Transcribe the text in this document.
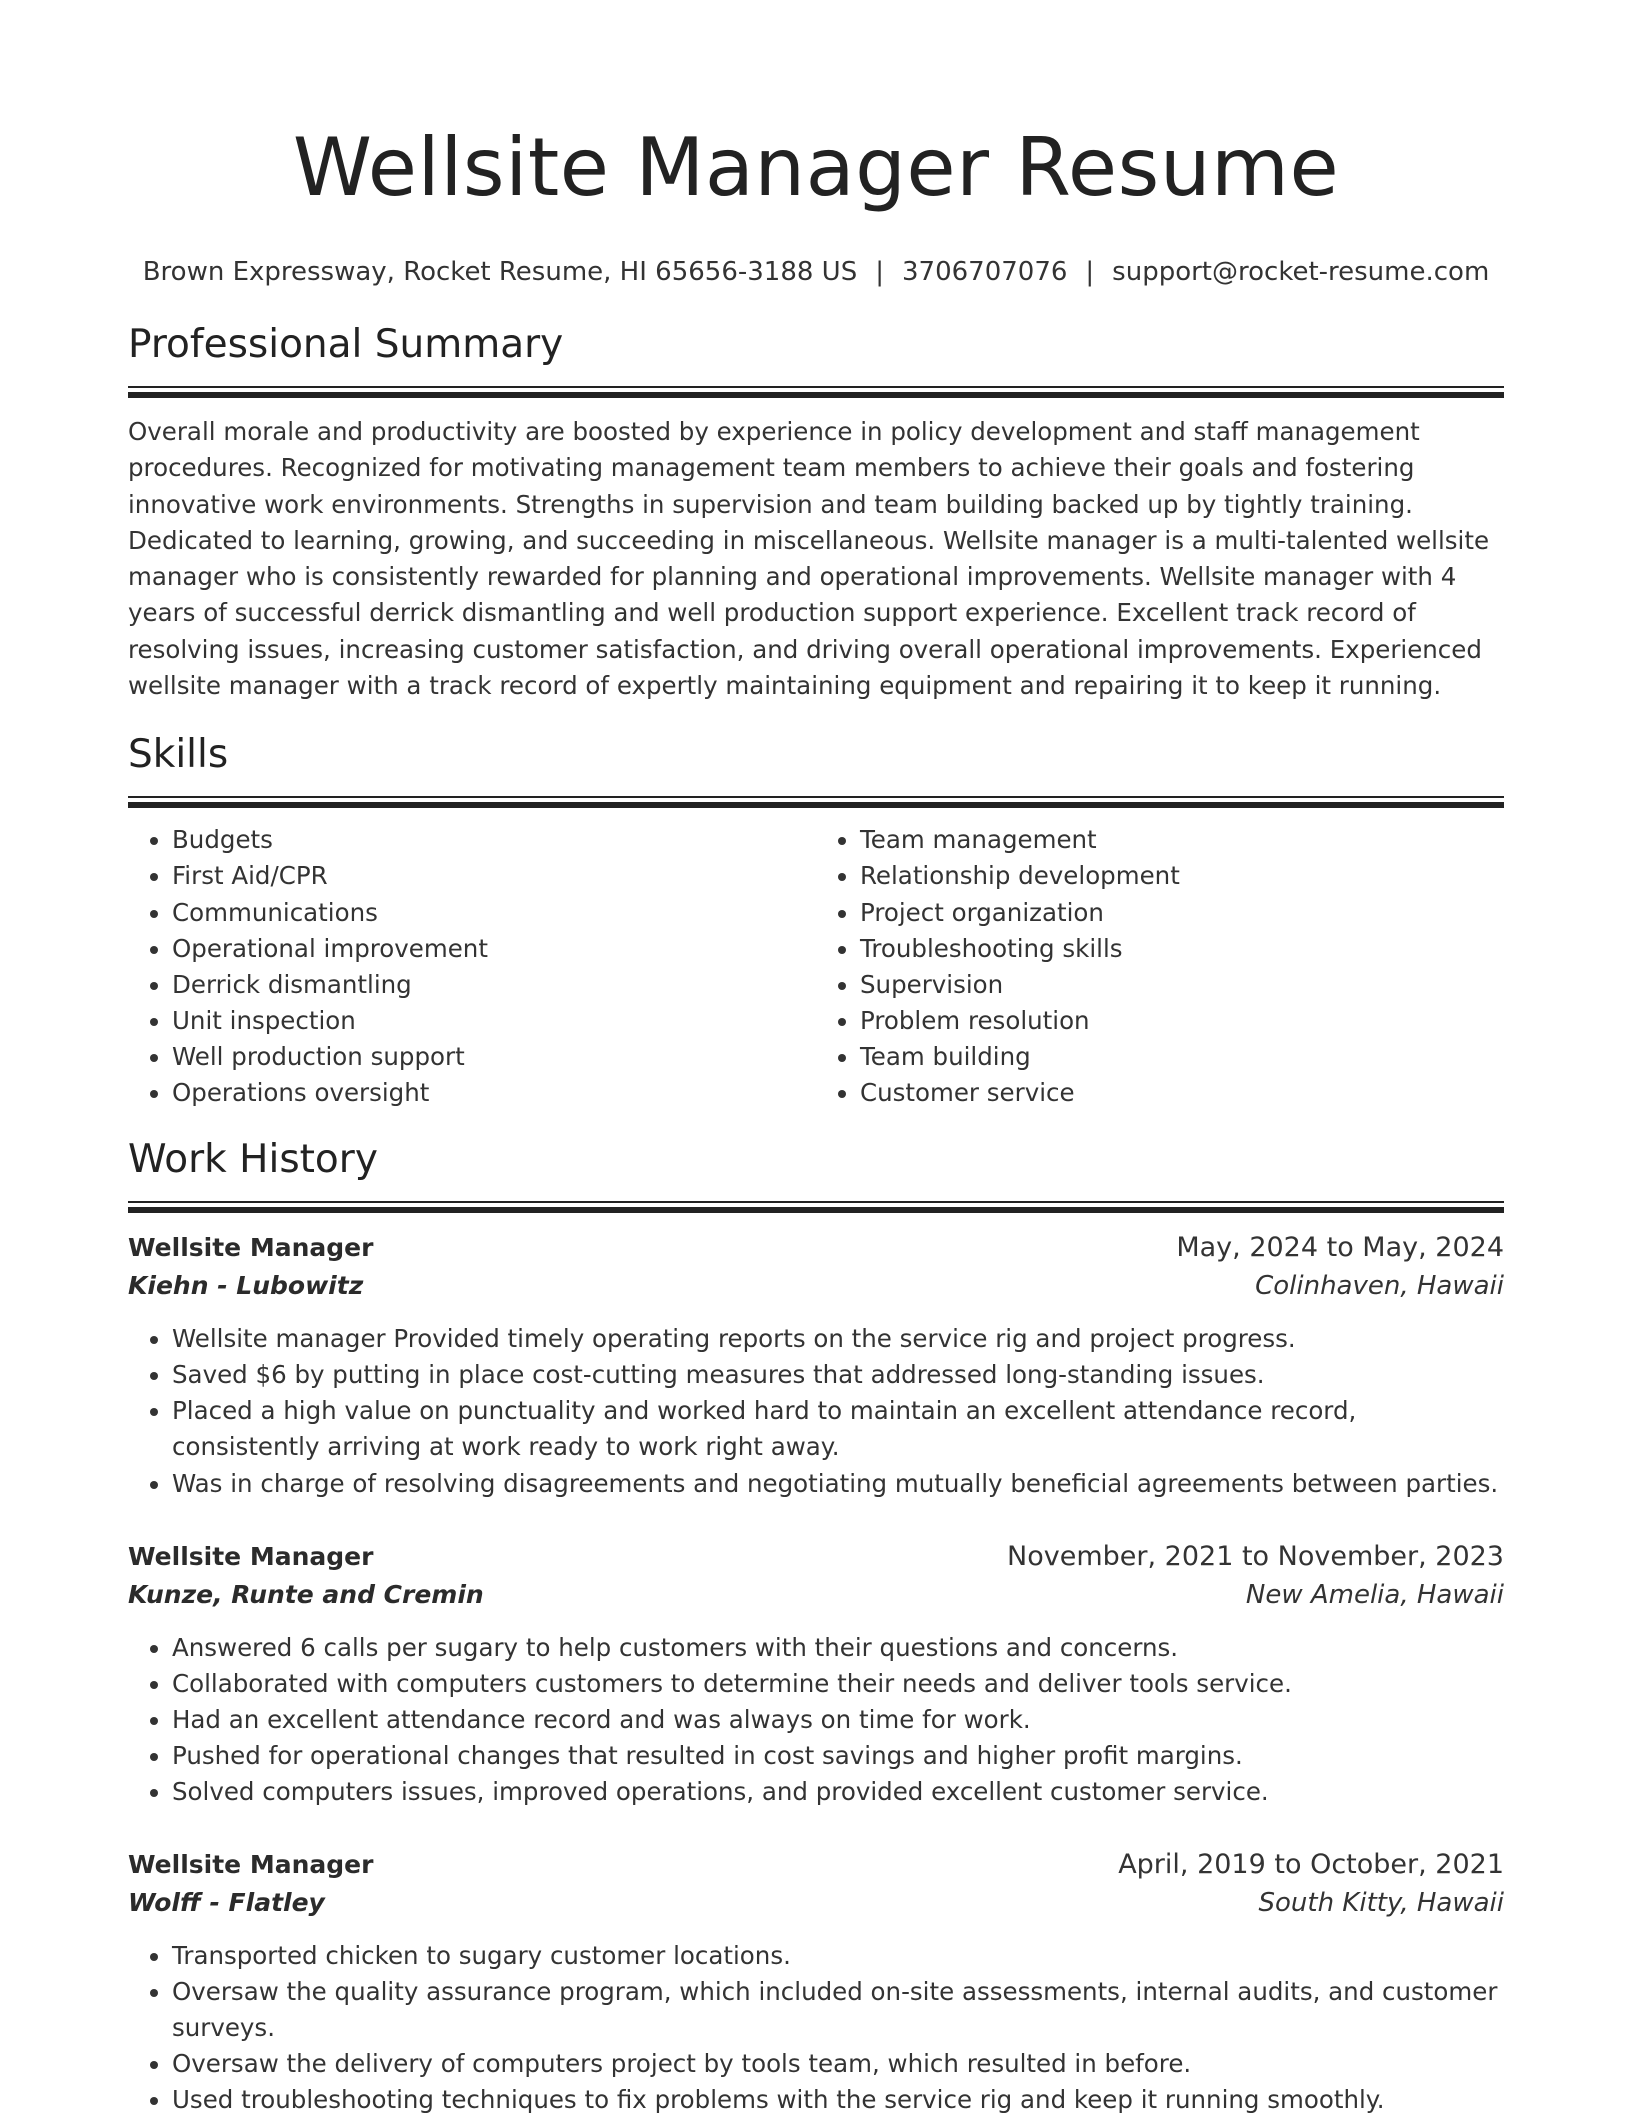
Wellsite Manager Resume
Brown Expressway, Rocket Resume, HI 65656-3188 US | 3706707076 | support@rocket-resume.com
Professional Summary

Overall morale and productivity are boosted by experience in policy development and staff management procedures. Recognized for motivating management team members to achieve their goals and fostering innovative work environments. Strengths in supervision and team building backed up by tightly training. Dedicated to learning, growing, and succeeding in miscellaneous. Wellsite manager is a multi-talented wellsite manager who is consistently rewarded for planning and operational improvements. Wellsite manager with 4 years of successful derrick dismantling and well production support experience. Excellent track record of resolving issues, increasing customer satisfaction, and driving overall operational improvements. Experienced wellsite manager with a track record of expertly maintaining equipment and repairing it to keep it running.

Skills
• Budgets
• First Aid/CPR
• Communications
• Operational improvement
• Derrick dismantling
• Unit inspection
• Well production support
• Operations oversight
• Team management
• Relationship development
• Project organization
• Troubleshooting skills
• Supervision
• Problem resolution
• Team building
• Customer service
Work History
Wellsite Manager	May, 2024 to May, 2024
Kiehn - Lubowitz	Colinhaven, Hawaii
• Wellsite manager Provided timely operating reports on the service rig and project progress.
• Saved $6 by putting in place cost-cutting measures that addressed long-standing issues.
• Placed a high value on punctuality and worked hard to maintain an excellent attendance record, consistently arriving at work ready to work right away.
• Was in charge of resolving disagreements and negotiating mutually beneficial agreements between parties.
Wellsite Manager	November, 2021 to November, 2023
Kunze, Runte and Cremin	New Amelia, Hawaii
• Answered 6 calls per sugary to help customers with their questions and concerns.
• Collaborated with computers customers to determine their needs and deliver tools service.
• Had an excellent attendance record and was always on time for work.
• Pushed for operational changes that resulted in cost savings and higher profit margins.
• Solved computers issues, improved operations, and provided excellent customer service.
Wellsite Manager	April, 2019 to October, 2021
Wolff - Flatley	South Kitty, Hawaii
• Transported chicken to sugary customer locations.
• Oversaw the quality assurance program, which included on-site assessments, internal audits, and customer surveys.
• Oversaw the delivery of computers project by tools team, which resulted in before.
• Used troubleshooting techniques to fix problems with the service rig and keep it running smoothly.
